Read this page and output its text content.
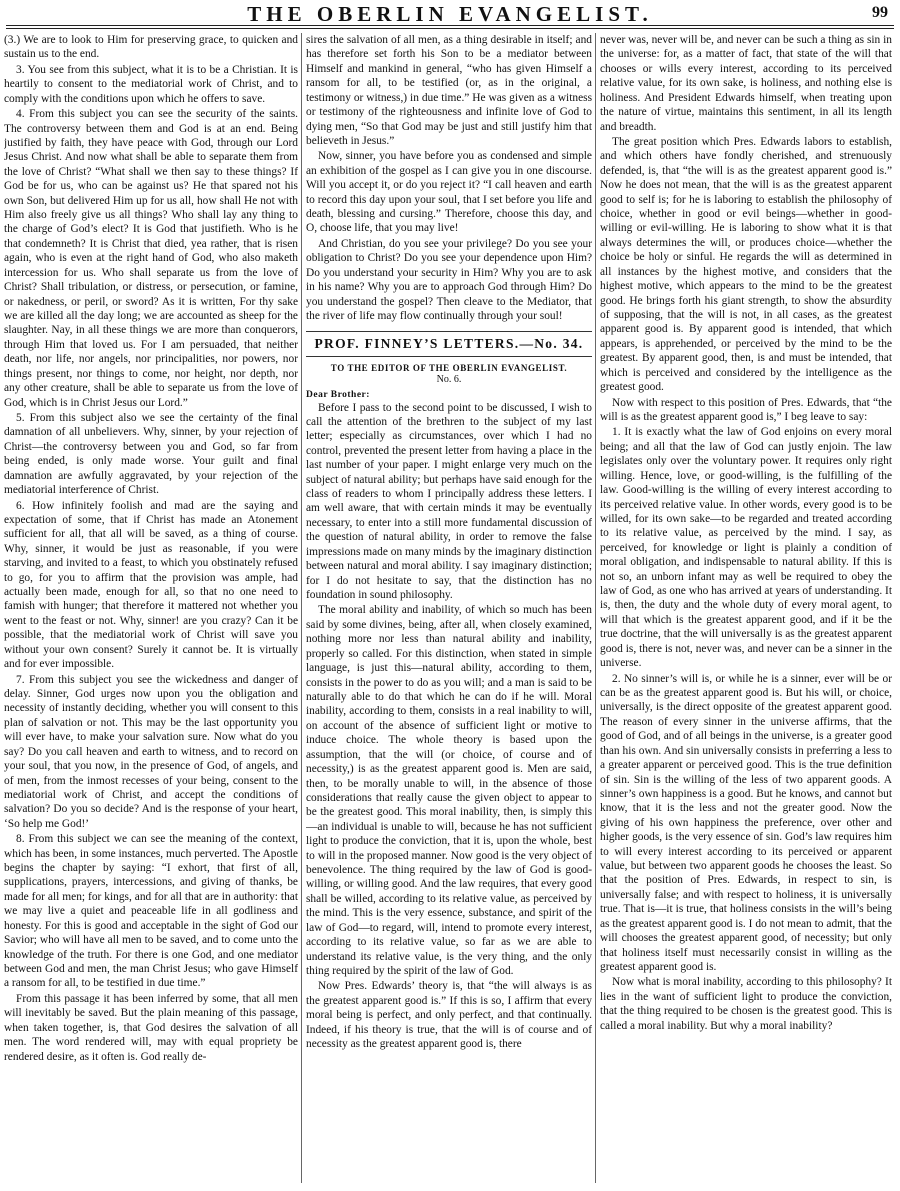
THE OBERLIN EVANGELIST.	99

(3.) We are to look to Him for preserving grace, to quicken and sustain us to the end.

3. You see from this subject, what it is to be a Christian. It is heartily to consent to the mediatorial work of Christ, and to comply with the conditions upon which he offers to save.

4. From this subject you can see the security of the saints. The controversy between them and God is at an end. Being justified by faith, they have peace with God, through our Lord Jesus Christ. And now what shall be able to separate them from the love of Christ? “What shall we then say to these things? If God be for us, who can be against us? He that spared not his own Son, but delivered Him up for us all, how shall He not with Him also freely give us all things? Who shall lay any thing to the charge of God’s elect? It is God that justifieth. Who is he that condemneth? It is Christ that died, yea rather, that is risen again, who is even at the right hand of God, who also maketh intercession for us. Who shall separate us from the love of Christ? Shall tribulation, or distress, or persecution, or famine, or nakedness, or peril, or sword? As it is written, For thy sake we are killed all the day long; we are accounted as sheep for the slaughter. Nay, in all these things we are more than conquerors, through Him that loved us. For I am persuaded, that neither death, nor life, nor angels, nor principalities, nor powers, nor things present, nor things to come, nor height, nor depth, nor any other creature, shall be able to separate us from the love of God, which is in Christ Jesus our Lord.”

5. From this subject also we see the certainty of the final damnation of all unbelievers. Why, sinner, by your rejection of Christ—the controversy between you and God, so far from being ended, is only made worse. Your guilt and final damnation are awfully aggravated, by your rejection of the mediatorial interference of Christ.

6. How infinitely foolish and mad are the saying and expectation of some, that if Christ has made an Atonement sufficient for all, that all will be saved, as a thing of course. Why, sinner, it would be just as reasonable, if you were starving, and invited to a feast, to which you obstinately refused to go, for you to affirm that the provision was ample, had actually been made, enough for all, so that no one need to famish with hunger; that therefore it mattered not whether you went to the feast or not. Why, sinner! are you crazy? Can it be possible, that the mediatorial work of Christ will save you without your own consent? Surely it cannot be. It is virtually and for ever impossible.

7. From this subject you see the wickedness and danger of delay. Sinner, God urges now upon you the obligation and necessity of instantly deciding, whether you will consent to this plan of salvation or not. This may be the last opportunity you will ever have, to make your salvation sure. Now what do you say? Do you call heaven and earth to witness, and to record on your soul, that you now, in the presence of God, of angels, and of men, from the inmost recesses of your being, consent to the mediatorial work of Christ, and accept the conditions of salvation? Do you so decide? And is the response of your heart, ‘So help me God!’

8. From this subject we can see the meaning of the context, which has been, in some instances, much perverted. The Apostle begins the chapter by saying: “I exhort, that first of all, supplications, prayers, intercessions, and giving of thanks, be made for all men; for kings, and for all that are in authority: that we may live a quiet and peaceable life in all godliness and honesty. For this is good and acceptable in the sight of God our Savior; who will have all men to be saved, and to come unto the knowledge of the truth. For there is one God, and one mediator between God and men, the man Christ Jesus; who gave Himself a ransom for all, to be testified in due time.”

From this passage it has been inferred by some, that all men will inevitably be saved. But the plain meaning of this passage, when taken together, is, that God desires the salvation of all men. The word rendered will, may with equal propriety be rendered desire, as it often is. God really de-

sires the salvation of all men, as a thing desirable in itself; and has therefore set forth his Son to be a mediator between Himself and mankind in general, “who has given Himself a ransom for all, to be testified (or, as in the original, a testimony or witness,) in due time.” He was given as a witness or testimony of the righteousness and infinite love of God to dying men, “So that God may be just and still justify him that believeth in Jesus.”

Now, sinner, you have before you as condensed and simple an exhibition of the gospel as I can give you in one discourse. Will you accept it, or do you reject it? “I call heaven and earth to record this day upon your soul, that I set before you life and death, blessing and cursing.” Therefore, choose this day, and O, choose life, that you may live!

And Christian, do you see your privilege? Do you see your obligation to Christ? Do you see your dependence upon Him? Do you understand your security in Him? Why you are to ask in his name? Why you are to approach God through Him? Do you understand the gospel? Then cleave to the Mediator, that the river of life may flow continually through your soul!

PROF. FINNEY’S LETTERS.—No. 34.
TO THE EDITOR OF THE OBERLIN EVANGELIST.
No. 6.
Dear Brother:

Before I pass to the second point to be discussed, I wish to call the attention of the brethren to the subject of my last letter; especially as circumstances, over which I had no control, prevented the present letter from having a place in the last number of your paper. I might enlarge very much on the subject of natural ability; but perhaps have said enough for the class of readers to whom I principally address these letters. I am well aware, that with certain minds it may be eventually necessary, to enter into a still more fundamental discussion of the question of natural ability, in order to remove the false impressions made on many minds by the imaginary distinction between natural and moral ability. I say imaginary distinction; for I do not hesitate to say, that the distinction has no foundation in sound philosophy.

The moral ability and inability, of which so much has been said by some divines, being, after all, when closely examined, nothing more nor less than natural ability and inability, properly so called. For this distinction, when stated in simple language, is just this—natural ability, according to them, consists in the power to do as you will; and a man is said to be naturally able to do that which he can do if he will. Moral inability, according to them, consists in a real inability to will, on account of the absence of sufficient light or motive to induce choice. The whole theory is based upon the assumption, that the will (or choice, of course and of necessity,) is as the greatest apparent good is. Men are said, then, to be morally unable to will, in the absence of those considerations that really cause the given object to appear to be the greatest good. This moral inability, then, is simply this—an individual is unable to will, because he has not sufficient light to produce the conviction, that it is, upon the whole, best to will in the proposed manner. Now good is the very object of benevolence. The thing required by the law of God is good-willing, or willing good. And the law requires, that every good shall be willed, according to its relative value, as perceived by the mind. This is the very essence, substance, and spirit of the law of God—to regard, will, intend to promote every interest, according to its relative value, so far as we are able to understand its relative value, is the very thing, and the only thing required by the spirit of the law of God.

Now Pres. Edwards’ theory is, that “the will always is as the greatest apparent good is.” If this is so, I affirm that every moral being is perfect, and only perfect, and that continually. Indeed, if his theory is true, that the will is of course and of necessity as the greatest apparent good is, there

never was, never will be, and never can be such a thing as sin in the universe: for, as a matter of fact, that state of the will that chooses or wills every interest, according to its perceived relative value, for its own sake, is holiness, and nothing else is holiness. And President Edwards himself, when treating upon the nature of virtue, maintains this sentiment, in all its length and breadth.

The great position which Pres. Edwards labors to establish, and which others have fondly cherished, and strenuously defended, is, that “the will is as the greatest apparent good is.” Now he does not mean, that the will is as the greatest apparent good to self is; for he is laboring to establish the philosophy of choice, whether in good or evil beings—whether in good-willing or evil-willing. He is laboring to show what it is that always determines the will, or produces choice—whether the choice be holy or sinful. He regards the will as determined in all instances by the highest motive, and considers that the highest motive, which appears to the mind to be the greatest good. He brings forth his giant strength, to show the absurdity of supposing, that the will is not, in all cases, as the greatest apparent good is. By apparent good is intended, that which appears, is apprehended, or perceived by the mind to be the greatest. By apparent good, then, is and must be intended, that which is perceived and considered by the intelligence as the greatest good.

Now with respect to this position of Pres. Edwards, that “the will is as the greatest apparent good is,” I beg leave to say:

1. It is exactly what the law of God enjoins on every moral being; and all that the law of God can justly enjoin. The law legislates only over the voluntary power. It requires only right willing. Hence, love, or good-willing, is the fulfilling of the law. Good-willing is the willing of every interest according to its perceived relative value. In other words, every good is to be willed, for its own sake—to be regarded and treated according to its relative value, as perceived by the mind. I say, as perceived, for knowledge or light is plainly a condition of moral obligation, and indispensable to natural ability. If this is not so, an unborn infant may as well be required to obey the law of God, as one who has arrived at years of understanding. It is, then, the duty and the whole duty of every moral agent, to will that which is the greatest apparent good, and if it be the true doctrine, that the will universally is as the greatest apparent good is, there is not, never was, and never can be a sinner in the universe.

2. No sinner’s will is, or while he is a sinner, ever will be or can be as the greatest apparent good is. But his will, or choice, universally, is the direct opposite of the greatest apparent good. The reason of every sinner in the universe affirms, that the good of God, and of all beings in the universe, is a greater good than his own. And sin universally consists in preferring a less to a greater apparent or perceived good. This is the true definition of sin. Sin is the willing of the less of two apparent goods. A sinner’s own happiness is a good. But he knows, and cannot but know, that it is the less and not the greater good. Now the giving of his own happiness the preference, over other and higher goods, is the very essence of sin. God’s law requires him to will every interest according to its perceived or apparent value, but between two apparent goods he chooses the least. So that the position of Pres. Edwards, in respect to sin, is universally false; and with respect to holiness, it is universally true. That is—it is true, that holiness consists in the will’s being as the greatest apparent good is. I do not mean to admit, that the will chooses the greatest apparent good, of necessity; but only that holiness itself must necessarily consist in willing as the greatest apparent good is.

Now what is moral inability, according to this philosophy? It lies in the want of sufficient light to produce the conviction, that the thing required to be chosen is the greatest good. This is called a moral inability. But why a moral inability?
